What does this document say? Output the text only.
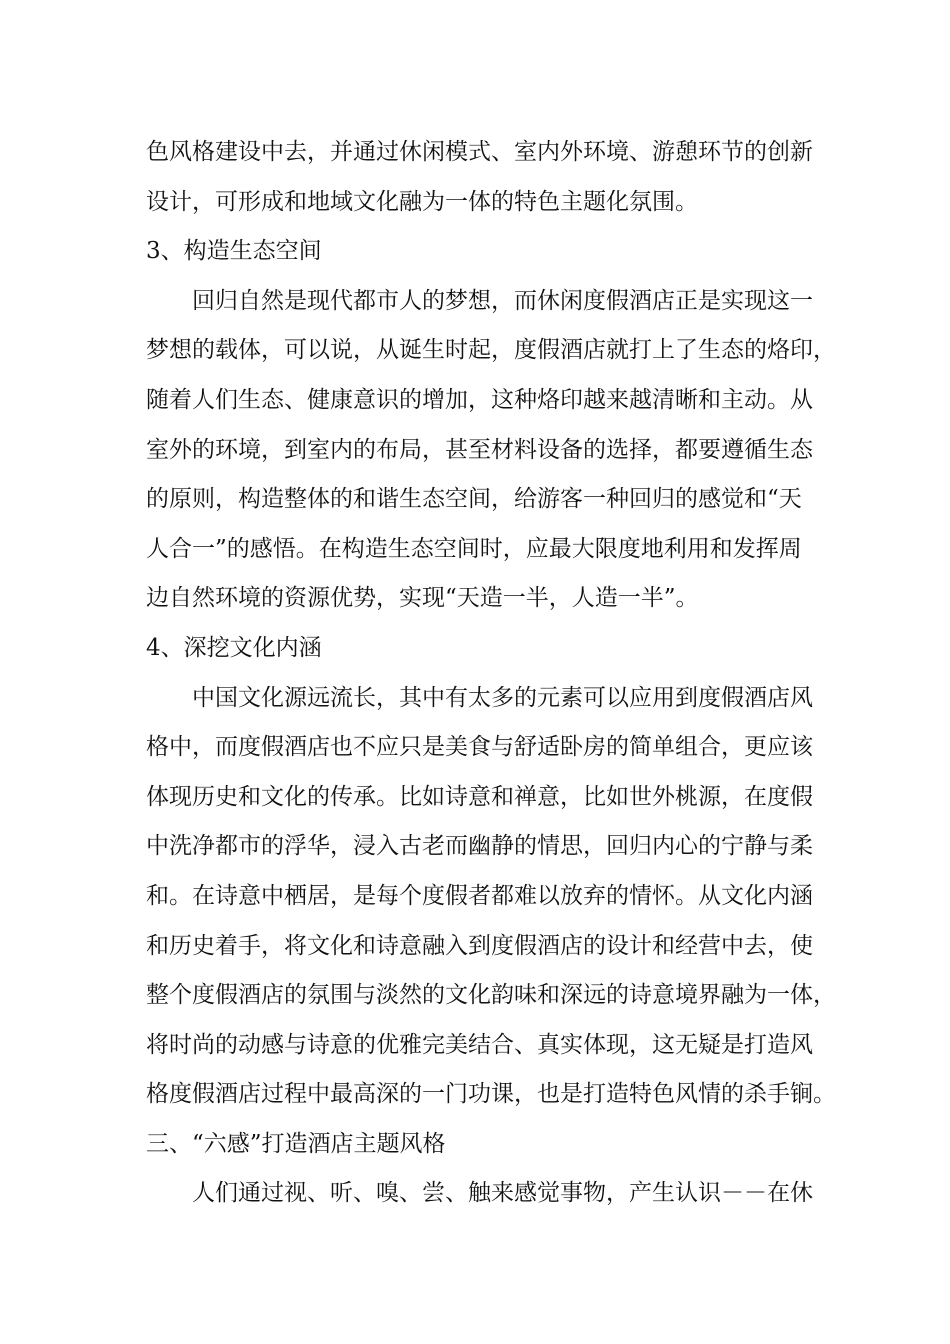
色风格建设中去，并通过休闲模式、室内外环境、游憩环节的创新
设计，可形成和地域文化融为一体的特色主题化氛围。
3、构造生态空间
回归自然是现代都市人的梦想，而休闲度假酒店正是实现这一
梦想的载体，可以说，从诞生时起，度假酒店就打上了生态的烙印，
随着人们生态、健康意识的增加，这种烙印越来越清晰和主动。从
室外的环境，到室内的布局，甚至材料设备的选择，都要遵循生态
的原则，构造整体的和谐生态空间，给游客一种回归的感觉和“天
人合一”的感悟。在构造生态空间时，应最大限度地利用和发挥周
边自然环境的资源优势，实现“天造一半，人造一半”。
4、深挖文化内涵
中国文化源远流长，其中有太多的元素可以应用到度假酒店风
格中，而度假酒店也不应只是美食与舒适卧房的简单组合，更应该
体现历史和文化的传承。比如诗意和禅意，比如世外桃源，在度假
中洗净都市的浮华，浸入古老而幽静的情思，回归内心的宁静与柔
和。在诗意中栖居，是每个度假者都难以放弃的情怀。从文化内涵
和历史着手，将文化和诗意融入到度假酒店的设计和经营中去，使
整个度假酒店的氛围与淡然的文化韵味和深远的诗意境界融为一体，
将时尚的动感与诗意的优雅完美结合、真实体现，这无疑是打造风
格度假酒店过程中最高深的一门功课，也是打造特色风情的杀手锏。
三、“六感”打造酒店主题风格
人们通过视、听、嗅、尝、触来感觉事物，产生认识－－在休
